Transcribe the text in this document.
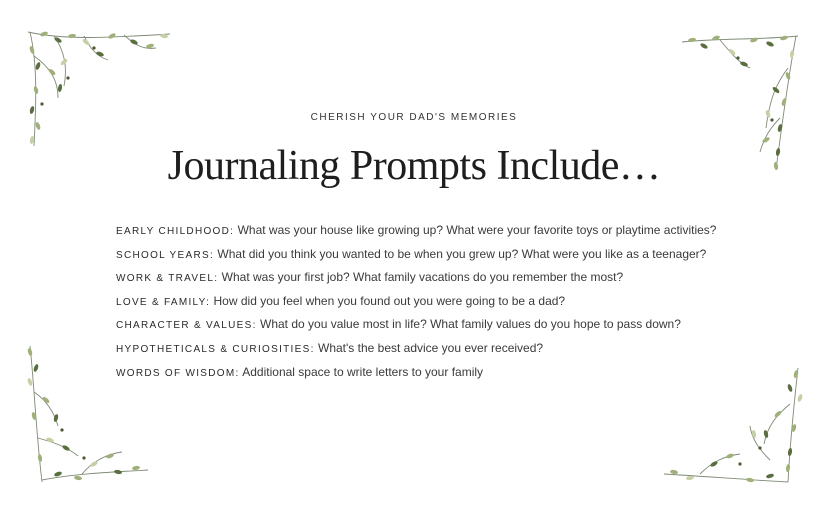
CHERISH YOUR DAD'S MEMORIES
Journaling Prompts Include…
EARLY CHILDHOOD: What was your house like growing up? What were your favorite toys or playtime activities?
SCHOOL YEARS: What did you think you wanted to be when you grew up? What were you like as a teenager?
WORK & TRAVEL: What was your first job? What family vacations do you remember the most?
LOVE & FAMILY: How did you feel when you found out you were going to be a dad?
CHARACTER & VALUES: What do you value most in life? What family values do you hope to pass down?
HYPOTHETICALS & CURIOSITIES: What's the best advice you ever received?
WORDS OF WISDOM: Additional space to write letters to your family
